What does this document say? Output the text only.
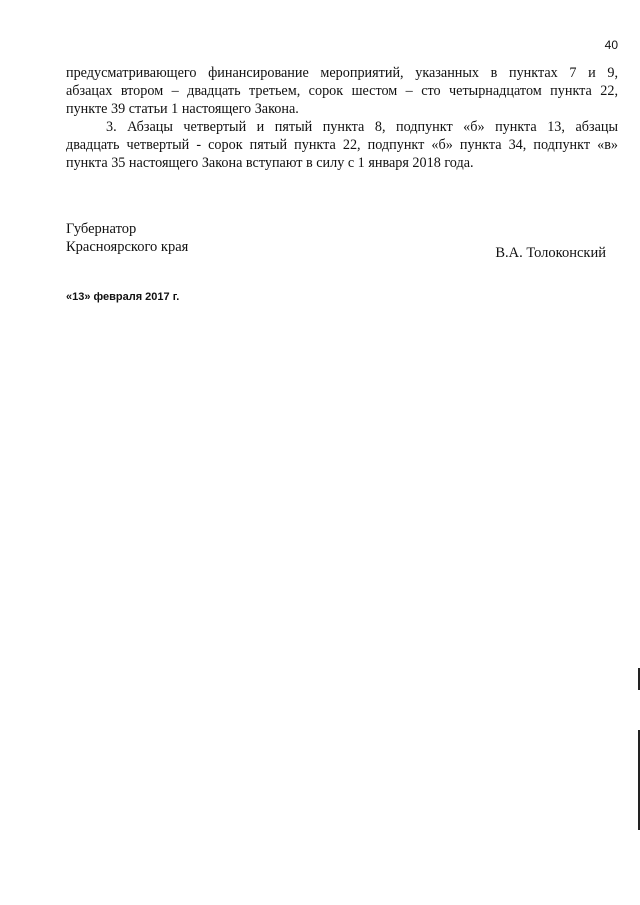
40

предусматривающего финансирование мероприятий, указанных в пунктах 7 и 9,
абзацах втором – двадцать третьем, сорок шестом – сто четырнадцатом пункта 22,
пункте 39 статьи 1 настоящего Закона.

3. Абзацы четвертый и пятый пункта 8, подпункт «б» пункта 13, абзацы
двадцать четвертый - сорок пятый пункта 22, подпункт «б» пункта 34, подпункт «в»
пункта 35 настоящего Закона вступают в силу с 1 января 2018 года.

Губернатор
Красноярского края	В.А. Толоконский
«13» февраля 2017 г.
